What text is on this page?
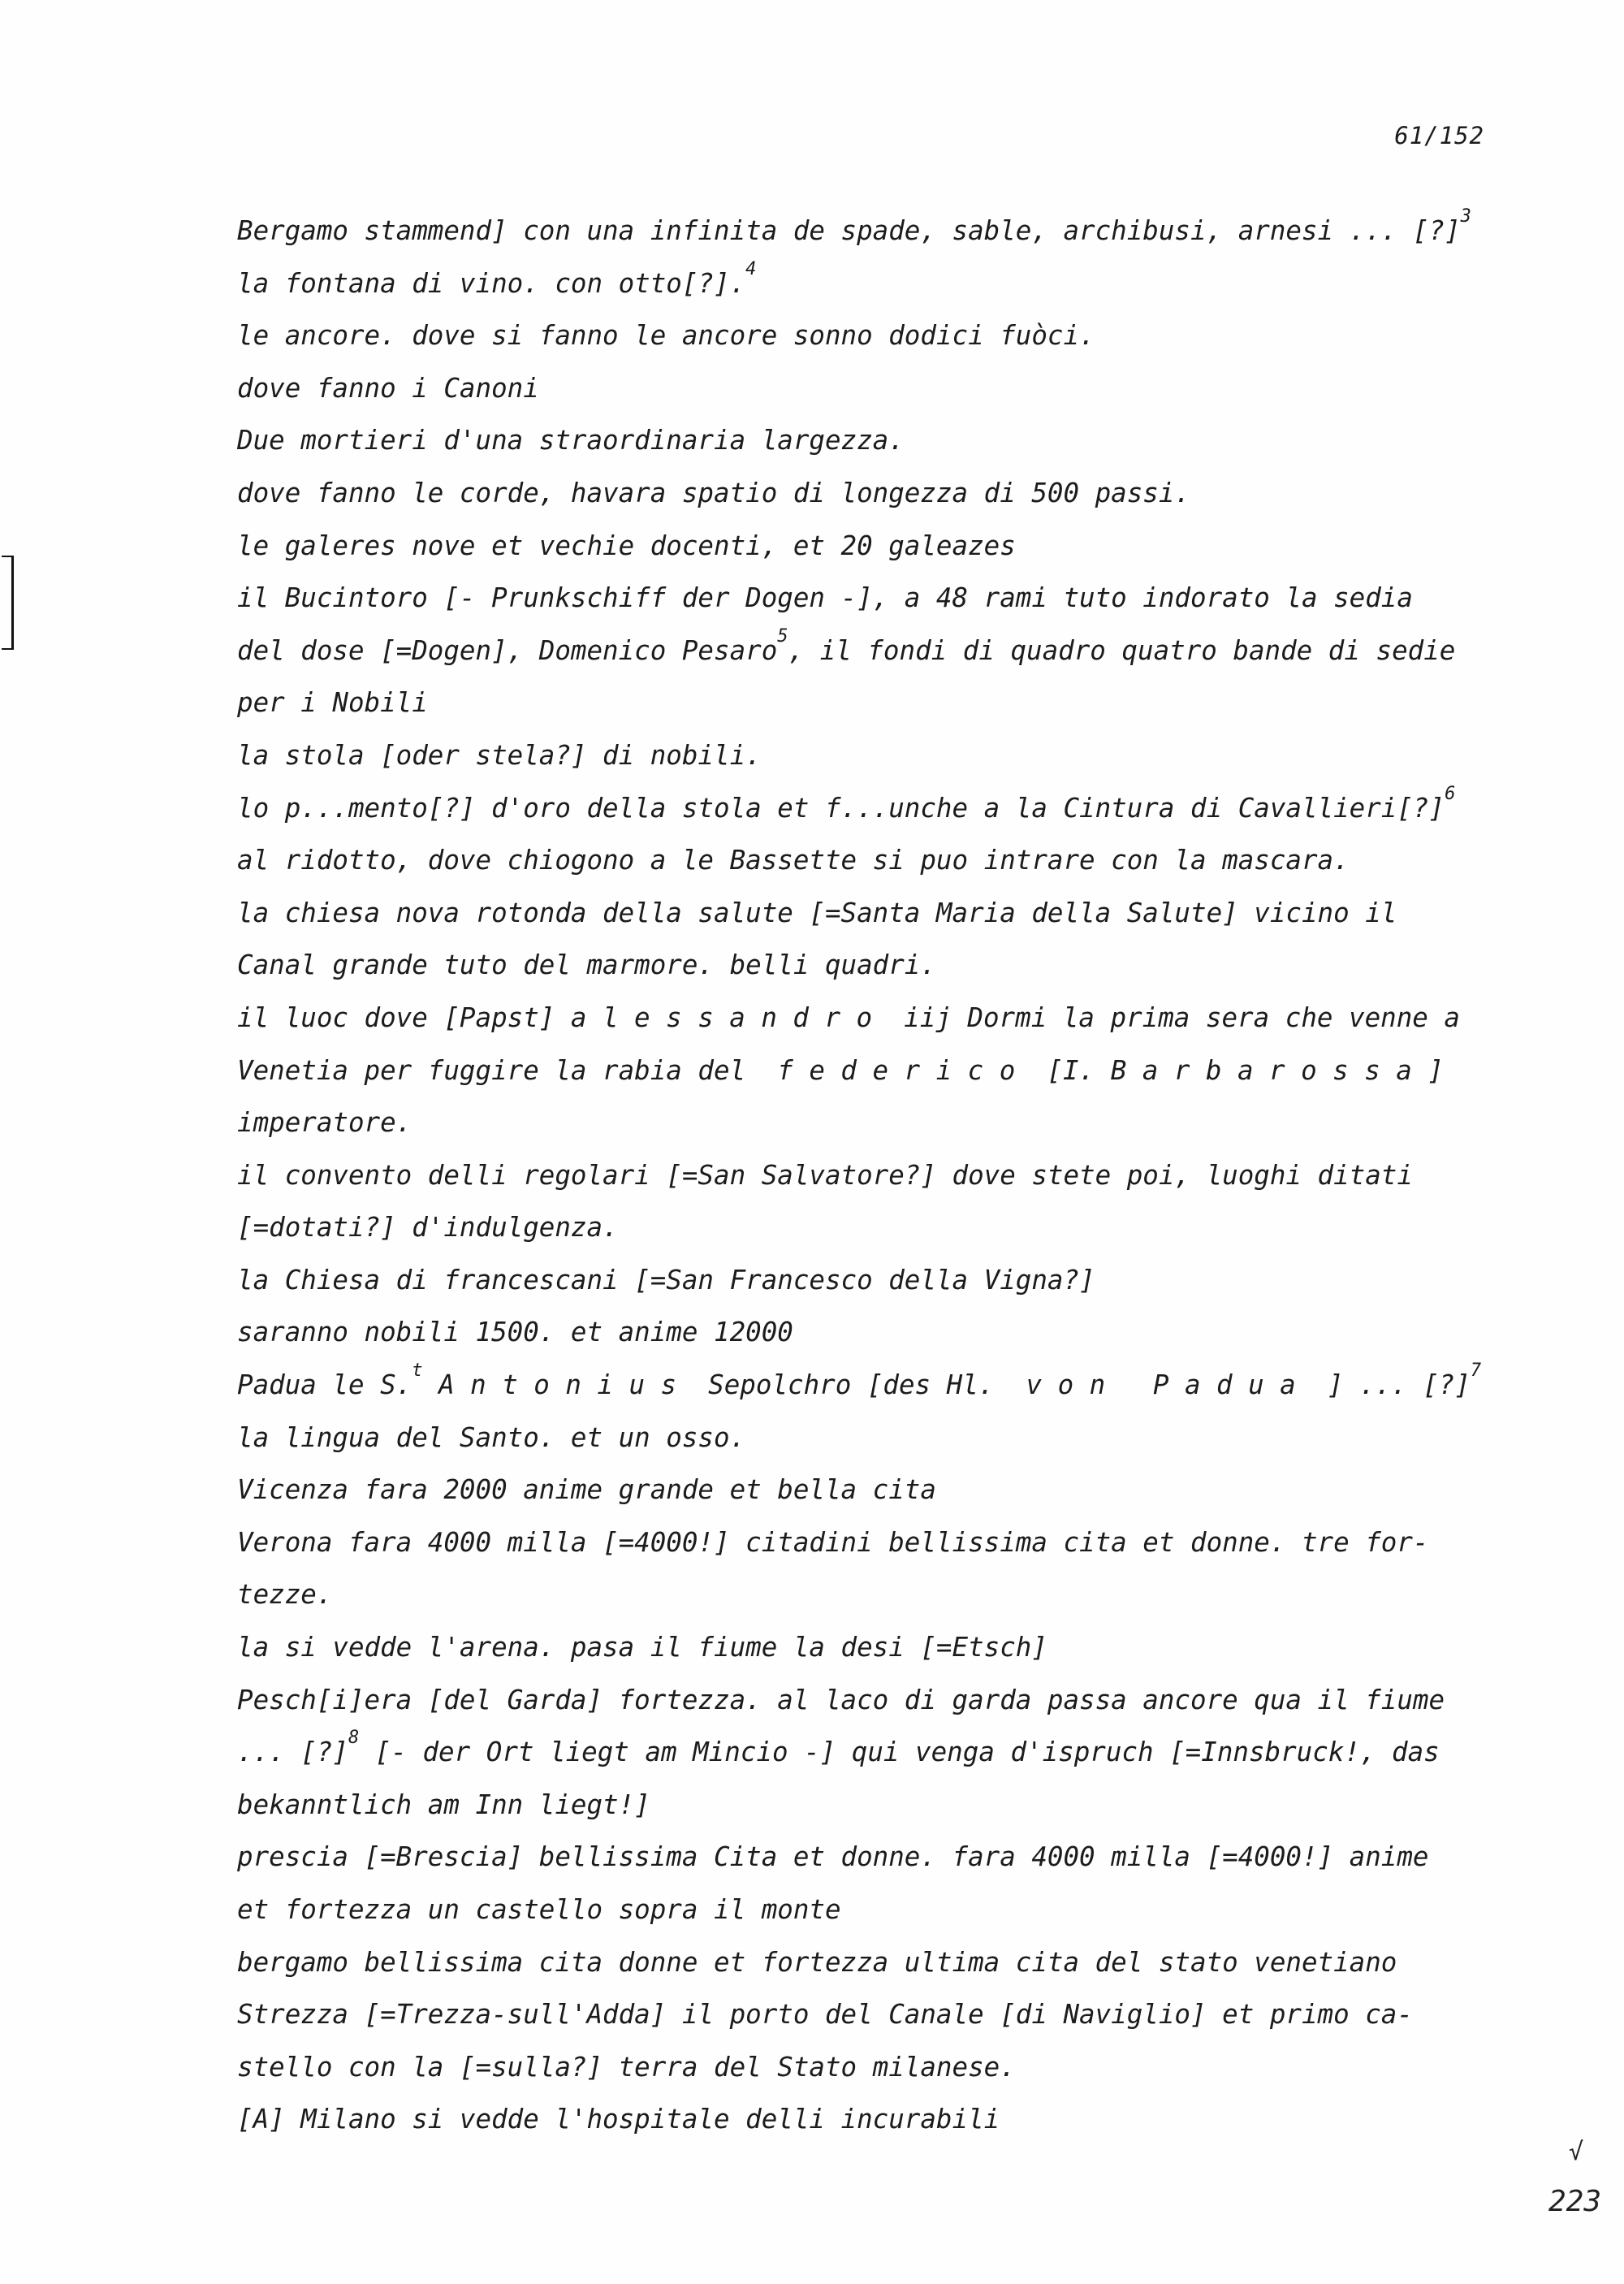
61/152
Bergamo stammend] con una infinita de spade, sable, archibusi, arnesi ... [?]$^3$
la fontana di vino. con otto[?].$^4$
le ancore. dove si fanno le ancore sonno dodici fuòci.
dove fanno i Canoni
Due mortieri d'una straordinaria largezza.
dove fanno le corde, havara spatio di longezza di 500 passi.
le galeres nove et vechie docenti, et 20 galeazes
il Bucintoro [- Prunkschiff der Dogen -], a 48 rami tuto indorato la sedia
del dose [=Dogen], Domenico Pesaro$^5$, il fondi di quadro quatro bande di sedie
per i Nobili
la stola [oder stela?] di nobili.
lo p...mento[?] d'oro della stola et f...unche a la Cintura di Cavallieri[?]$^6$
al ridotto, dove chiogono a le Bassette si puo intrare con la mascara.
la chiesa nova rotonda della salute [=Santa Maria della Salute] vicino il
Canal grande tuto del marmore. belli quadri.
il luoc dove [Papst] alessandro iij Dormi la prima sera che venne a
Venetia per fuggire la rabia del  federico [I. Barbarossa]
imperatore.
il convento delli regolari [=San Salvatore?] dove stete poi, luoghi ditati
[=dotati?] d'indulgenza.
la Chiesa di francescani [=San Francesco della Vigna?]
saranno nobili 1500. et anime 12000
Padua le S.$^t$ Antonius Sepolchro [des Hl.  von Padua ] ... [?]$^7$
la lingua del Santo. et un osso.
Vicenza fara 2000 anime grande et bella cita
Verona fara 4000 milla [=4000!] citadini bellissima cita et donne. tre for-
tezze.
la si vedde l'arena. pasa il fiume la desi [=Etsch]
Pesch[i]era [del Garda] fortezza. al laco di garda passa ancore qua il fiume
... [?]$^8$ [- der Ort liegt am Mincio -] qui venga d'ispruch [=Innsbruck!, das
bekanntlich am Inn liegt!]
prescia [=Brescia] bellissima Cita et donne. fara 4000 milla [=4000!] anime
et fortezza un castello sopra il monte
bergamo bellissima cita donne et fortezza ultima cita del stato venetiano
Strezza [=Trezza-sull'Adda] il porto del Canale [di Naviglio] et primo ca-
stello con la [=sulla?] terra del Stato milanese.
[A] Milano si vedde l'hospitale delli incurabili
√
223
